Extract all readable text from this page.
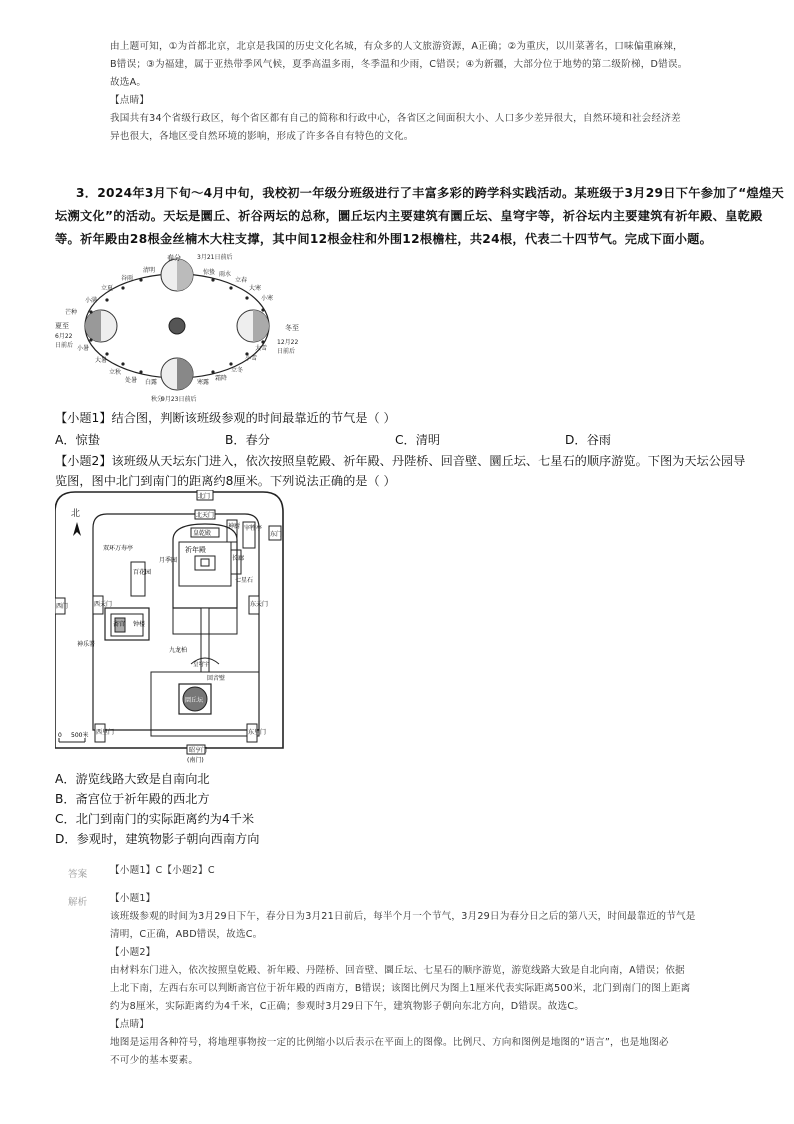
由上题可知，①为首都北京，北京是我国的历史文化名城，有众多的人文旅游资源，A正确；②为重庆，以川菜著名，口味偏重麻辣，
B错误；③为福建，属于亚热带季风气候，夏季高温多雨，冬季温和少雨，C错误；④为新疆，大部分位于地势的第二级阶梯，D错误。
故选A。
【点睛】
我国共有34个省级行政区，每个省区都有自己的简称和行政中心，各省区之间面积大小、人口多少差异很大，自然环境和社会经济差
异也很大，各地区受自然环境的影响，形成了许多各自有特色的文化。
3．2024年3月下旬～4月中旬，我校初一年级分班级进行了丰富多彩的跨学科实践活动。某班级于3月29日下午参加了“煌煌天
坛溯文化”的活动。天坛是圜丘、祈谷两坛的总称，圜丘坛内主要建筑有圜丘坛、皇穹宇等，祈谷坛内主要建筑有祈年殿、皇乾殿
等。祈年殿由28根金丝楠木大柱支撑，其中间12根金柱和外围12根檐柱，共24根，代表二十四节气。完成下面小题。
春分	3月21日前后
夏至
6月22
日前后
冬至
12月22
日前后
秋分
9月23日前后
清明
谷雨
立夏
小满
芒种
小暑
大暑
立秋
处暑 白露	寒露
霜降
立冬
小雪
大雪
小寒
大寒
立春
雨水
惊蛰
【小题1】结合图，判断该班级参观的时间最靠近的节气是（ ）
A．惊蛰	B．春分	C．清明	D．谷雨
【小题2】该班级从天坛东门进入，依次按照皇乾殿、祈年殿、丹陛桥、回音壁、圜丘坛、七星石的顺序游览。下图为天坛公园导
览图，图中北门到南门的距离约8厘米。下列说法正确的是（ ）
北
北门
北天门
皇乾殿
祈年殿
双环万寿亭
百花园
月季园
神厨 宰牲亭
长廊
七星石
东门
西门	西天门	东天门
斋宫 钟楼
神乐署
九龙柏
皇穹宇
回音壁
圜丘坛
西里门	东里门
昭亨门
(南门)
0 500米
A．游览线路大致是自南向北
B．斋宫位于祈年殿的西北方
C．北门到南门的实际距离约为4千米
D．参观时，建筑物影子朝向西南方向
答案 【小题1】C【小题2】C
解析 【小题1】
该班级参观的时间为3月29日下午，春分日为3月21日前后，每半个月一个节气，3月29日为春分日之后的第八天，时间最靠近的节气是
清明，C正确，ABD错误，故选C。
【小题2】
由材料东门进入，依次按照皇乾殿、祈年殿、丹陛桥、回音壁、圜丘坛、七星石的顺序游览，游览线路大致是自北向南，A错误；依据
上北下南，左西右东可以判断斋宫位于祈年殿的西南方，B错误；该图比例尺为图上1厘米代表实际距离500米，北门到南门的图上距离
约为8厘米，实际距离约为4千米，C正确；参观时3月29日下午，建筑物影子朝向东北方向，D错误。故选C。
【点睛】
地图是运用各种符号，将地理事物按一定的比例缩小以后表示在平面上的图像。比例尺、方向和图例是地图的“语言”，也是地图必
不可少的基本要素。
